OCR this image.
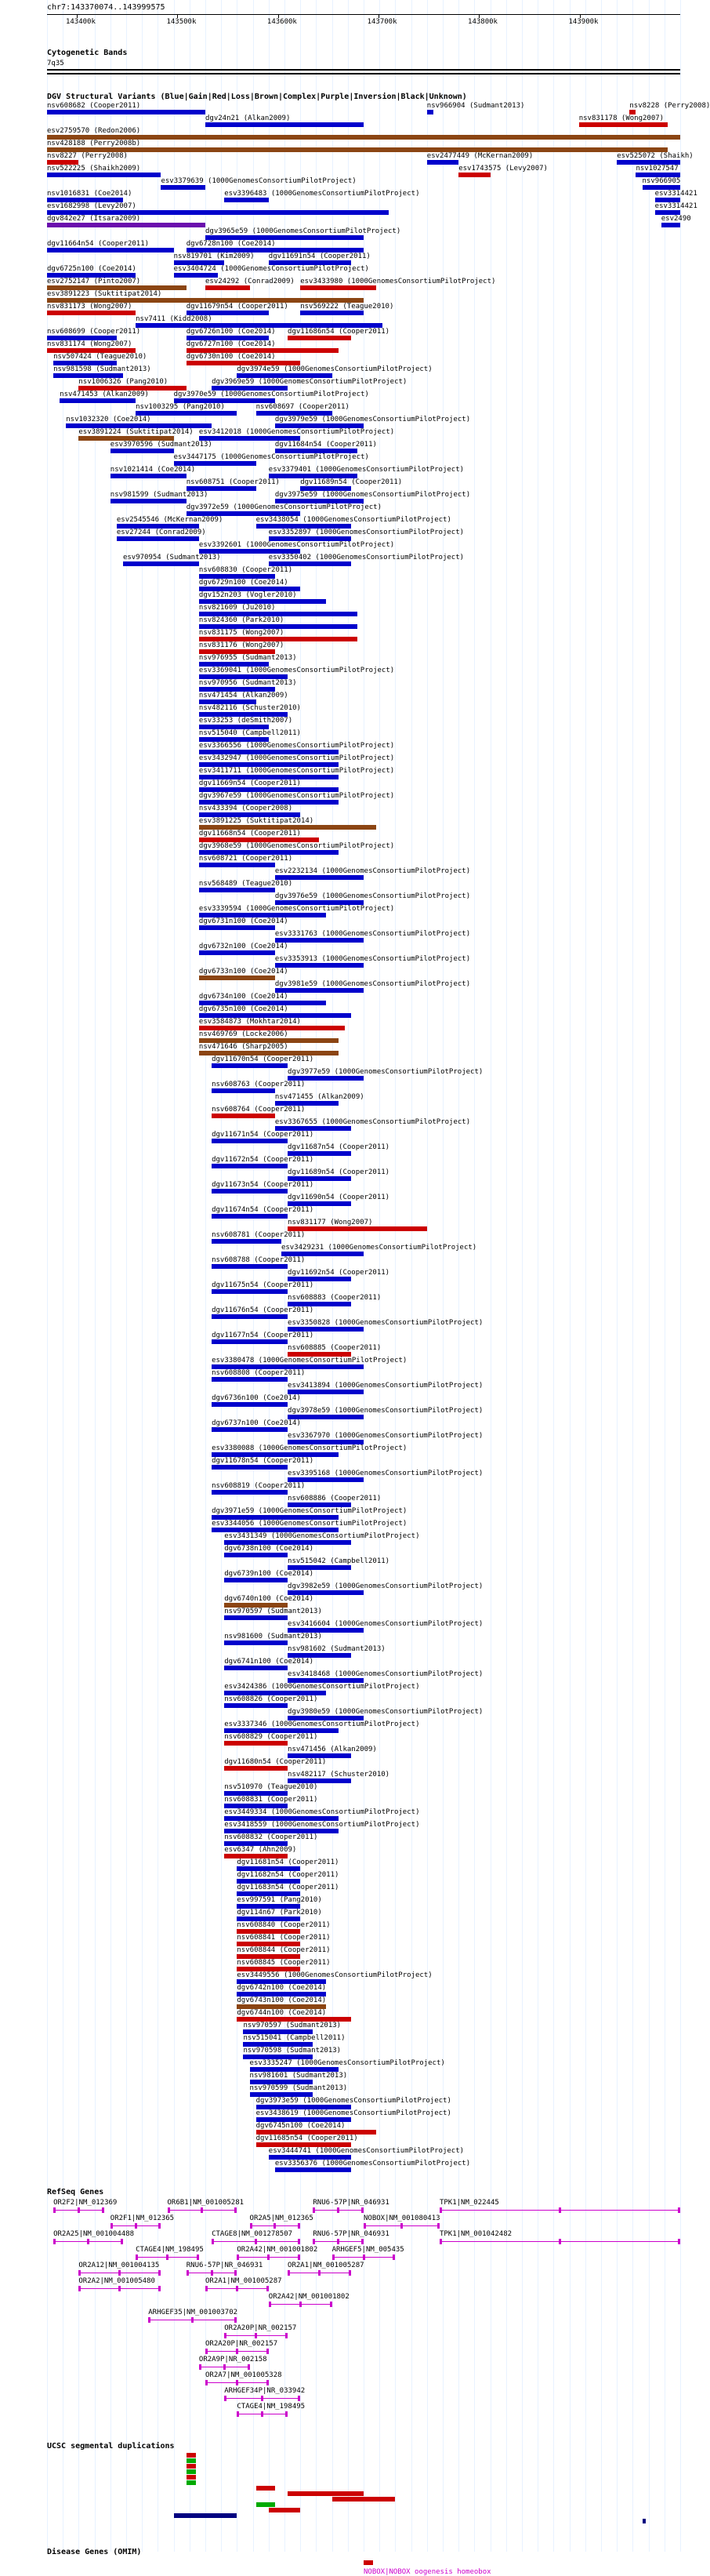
chr7:143370074..143999575
143400k	143500k	143600k	143700k	143800k	143900k
Cytogenetic Bands
7q35
DGV Structural Variants (Blue|Gain|Red|Loss|Brown|Complex|Purple|Inversion|Black|Unknown)
nsv608682 (Cooper2011)
dgv24n21 (Alkan2009)
nsv966904 (Sudmant2013)	nsv8228 (Perry2008)
esv2759570 (Redon2006)
nsv428188 (Perry2008b)
nsv831178 (Wong2007)
nsv8227 (Perry2008)	esv2477449 (McKernan2009)	esv525072 (Shaikh)
nsv522225 (Shaikh2009)
esv3379639 (1000GenomesConsortiumPilotProject)
esv1743575 (Levy2007)	nsv1027547
nsv1016831 (Coe2014)
nsv966905
esv1682998 (Levy2007)
esv3396483 (1000GenomesConsortiumPilotProject)	esv3314421
dgv842e27 (Itsara2009)
dgv3965e59 (1000GenomesConsortiumPilotProject)
esv3314421
dgv11664n54 (Cooper2011)
nsv819701 (Kim2009)
esv2490
dgv6725n100 (Coe2014)	esv3404724 (1000GenomesConsortiumPilotProject)
esv2752147 (Pinto2007)
dgv6728n100 (Coe2014)
esv3891223 (Suktitipat2014)
esv24292 (Conrad2009)
nsv831173 (Wong2007)
nsv7411 (Kidd2008)
nsv608699 (Cooper2011)
nsv831174 (Wong2007)
dgv11679n54 (Cooper2011)
dgv11691n54 (Cooper2011)
nsv507424 (Teague2010)
dgv6726n100 (Coe2014)
nsv981598 (Sudmant2013)
dgv6727n100 (Coe2014)
nsv1006326 (Pang2010)
dgv6730n100 (Coe2014)
esv3433980 (1000GenomesConsortiumPilotProject)
nsv471453 (Alkan2009)
nsv1003295 (Pang2010)
dgv3974e59 (1000GenomesConsortiumPilotProject)
nsv1032320 (Coe2014)
dgv3969e59 (1000GenomesConsortiumPilotProject)
esv3891224 (Suktitipat2014)
dgv3970e59 (1000GenomesConsortiumPilotProject)
esv3970596 (Sudmant2013)
esv3447175 (1000GenomesConsortiumPilotProject)
nsv1021414 (Coe2014)
nsv608751 (Cooper2011)
nsv608697 (Cooper2011)
nsv981599 (Sudmant2013)
dgv3972e59 (1000GenomesConsortiumPilotProject)
esv2545546 (McKernan2009)
esv3412018 (1000GenomesConsortiumPilotProject)
esv27244 (Conrad2009)
esv3392601 (1000GenomesConsortiumPilotProject)
esv970954 (Sudmant2013)
nsv608830 (Cooper2011)
dgv3979e59 (1000GenomesConsortiumPilotProject)
dgv6729n100 (Coe2014)
nsv569222 (Teague2010)
dgv152n203 (Vogler2010)
nsv821609 (Ju2010)
nsv824360 (Park2010)
nsv831175 (Wong2007)
nsv831176 (Wong2007)
dgv11684n54 (Cooper2011)
nsv976955 (Sudmant2013)
esv3379401 (1000GenomesConsortiumPilotProject)
esv3369041 (1000GenomesConsortiumPilotProject)
nsv970956 (Sudmant2013)
dgv3975e59 (1000GenomesConsortiumPilotProject)
nsv471454 (Alkan2009)
esv3438054 (1000GenomesConsortiumPilotProject)
nsv482116 (Schuster2010)
dgv11686n54 (Cooper2011)
esv33253 (deSmith2007)
esv3352897 (1000GenomesConsortiumPilotProject)
nsv515040 (Campbell2011)
esv3350402 (1000GenomesConsortiumPilotProject)
esv3366556 (1000GenomesConsortiumPilotProject)
esv3432947 (1000GenomesConsortiumPilotProject)
esv3411711 (1000GenomesConsortiumPilotProject)
dgv11669n54 (Cooper2011)
dgv3967e59 (1000GenomesConsortiumPilotProject)
nsv433394 (Cooper2008)
dgv11689n54 (Cooper2011)
esv3891225 (Suktitipat2014)
dgv11668n54 (Cooper2011)
dgv3968e59 (1000GenomesConsortiumPilotProject)
nsv608721 (Cooper2011)
esv2232134 (1000GenomesConsortiumPilotProject)
nsv568489 (Teague2010)
dgv3976e59 (1000GenomesConsortiumPilotProject)
esv3339594 (1000GenomesConsortiumPilotProject)
dgv6731n100 (Coe2014)
esv3331763 (1000GenomesConsortiumPilotProject)
dgv6732n100 (Coe2014)
esv3353913 (1000GenomesConsortiumPilotProject)
dgv6733n100 (Coe2014)
dgv3981e59 (1000GenomesConsortiumPilotProject)
dgv6734n100 (Coe2014)
dgv6735n100 (Coe2014)
esv3584873 (Mokhtar2014)
nsv469769 (Locke2006)
nsv471646 (Sharp2005)
dgv11670n54 (Cooper2011)
dgv3977e59 (1000GenomesConsortiumPilotProject)
nsv608763 (Cooper2011)
nsv471455 (Alkan2009)
nsv608764 (Cooper2011)
esv3367655 (1000GenomesConsortiumPilotProject)
dgv11671n54 (Cooper2011)
dgv11687n54 (Cooper2011)
dgv11672n54 (Cooper2011)
dgv11689n54 (Cooper2011)
dgv11673n54 (Cooper2011)
dgv11690n54 (Cooper2011)
dgv11674n54 (Cooper2011)
nsv831177 (Wong2007)
nsv608781 (Cooper2011)
esv3429231 (1000GenomesConsortiumPilotProject)
nsv608788 (Cooper2011)
dgv11692n54 (Cooper2011)
dgv11675n54 (Cooper2011)
nsv608883 (Cooper2011)
dgv11676n54 (Cooper2011)
esv3350828 (1000GenomesConsortiumPilotProject)
dgv11677n54 (Cooper2011)
nsv608885 (Cooper2011)
esv3380478 (1000GenomesConsortiumPilotProject)
nsv608808 (Cooper2011)
esv3413894 (1000GenomesConsortiumPilotProject)
dgv6736n100 (Coe2014)
dgv3978e59 (1000GenomesConsortiumPilotProject)
dgv6737n100 (Coe2014)
esv3367970 (1000GenomesConsortiumPilotProject)
esv3380088 (1000GenomesConsortiumPilotProject)
dgv11678n54 (Cooper2011)
esv3395168 (1000GenomesConsortiumPilotProject)
nsv608819 (Cooper2011)
nsv608886 (Cooper2011)
dgv3971e59 (1000GenomesConsortiumPilotProject)
esv3344056 (1000GenomesConsortiumPilotProject)
esv3431349 (1000GenomesConsortiumPilotProject)
dgv6738n100 (Coe2014)
nsv515042 (Campbell2011)
dgv6739n100 (Coe2014)
dgv3982e59 (1000GenomesConsortiumPilotProject)
dgv6740n100 (Coe2014)
nsv970597 (Sudmant2013)
esv3416604 (1000GenomesConsortiumPilotProject)
nsv981600 (Sudmant2013)
nsv981602 (Sudmant2013)
dgv6741n100 (Coe2014)
esv3418468 (1000GenomesConsortiumPilotProject)
esv3424386 (1000GenomesConsortiumPilotProject)
nsv608826 (Cooper2011)
dgv3980e59 (1000GenomesConsortiumPilotProject)
esv3337346 (1000GenomesConsortiumPilotProject)
nsv608829 (Cooper2011)
nsv471456 (Alkan2009)
dgv11680n54 (Cooper2011)
nsv482117 (Schuster2010)
nsv510970 (Teague2010)
nsv608831 (Cooper2011)
esv3449334 (1000GenomesConsortiumPilotProject)
esv3418559 (1000GenomesConsortiumPilotProject)
nsv608832 (Cooper2011)
esv6347 (Ahn2009)
dgv11681n54 (Cooper2011)
dgv11682n54 (Cooper2011)
dgv11683n54 (Cooper2011)
esv997591 (Pang2010)
dgv114n67 (Park2010)
nsv608840 (Cooper2011)
nsv608841 (Cooper2011)
nsv608844 (Cooper2011)
nsv608845 (Cooper2011)
esv3449556 (1000GenomesConsortiumPilotProject)
dgv6742n100 (Coe2014)
dgv6743n100 (Coe2014)
dgv6744n100 (Coe2014)
nsv970597 (Sudmant2013)
nsv515041 (Campbell2011)
nsv970598 (Sudmant2013)
esv3335247 (1000GenomesConsortiumPilotProject)
nsv981601 (Sudmant2013)
nsv970599 (Sudmant2013)
dgv3973e59 (1000GenomesConsortiumPilotProject)
esv3438619 (1000GenomesConsortiumPilotProject)
dgv6745n100 (Coe2014)
dgv11685n54 (Cooper2011)
esv3444741 (1000GenomesConsortiumPilotProject)
esv3356376 (1000GenomesConsortiumPilotProject)
RefSeq Genes
OR2F2|NM_012369
OR2F1|NM_012365
OR6B1|NM_001005281
OR2A5|NM_012365
OR2A25|NM_001004488
CTAGE4|NM_198495
CTAGE8|NM_001278507
RNU6-57P|NR_046931
NOBOX|NM_001080413
TPK1|NM_022445
OR2A12|NM_001004135	RNU6-57P|NR_046931
OR2A42|NM_001001802
RNU6-57P|NR_046931	TPK1|NM_001042482
OR2A2|NM_001005480	OR2A1|NM_001005287
OR2A42|NM_001001802
ARHGEF35|NM_001003702
OR2A20P|NR_002157
ARHGEF5|NM_005435
OR2A20P|NR_002157
OR2A9P|NR_002158
OR2A7|NM_001005328
ARHGEF34P|NR_033942
CTAGE4|NM_198495
OR2A1|NM_001005287
UCSC segmental duplications
Disease Genes (OMIM)
NOBOX|NOBOX oogenesis homeobox
